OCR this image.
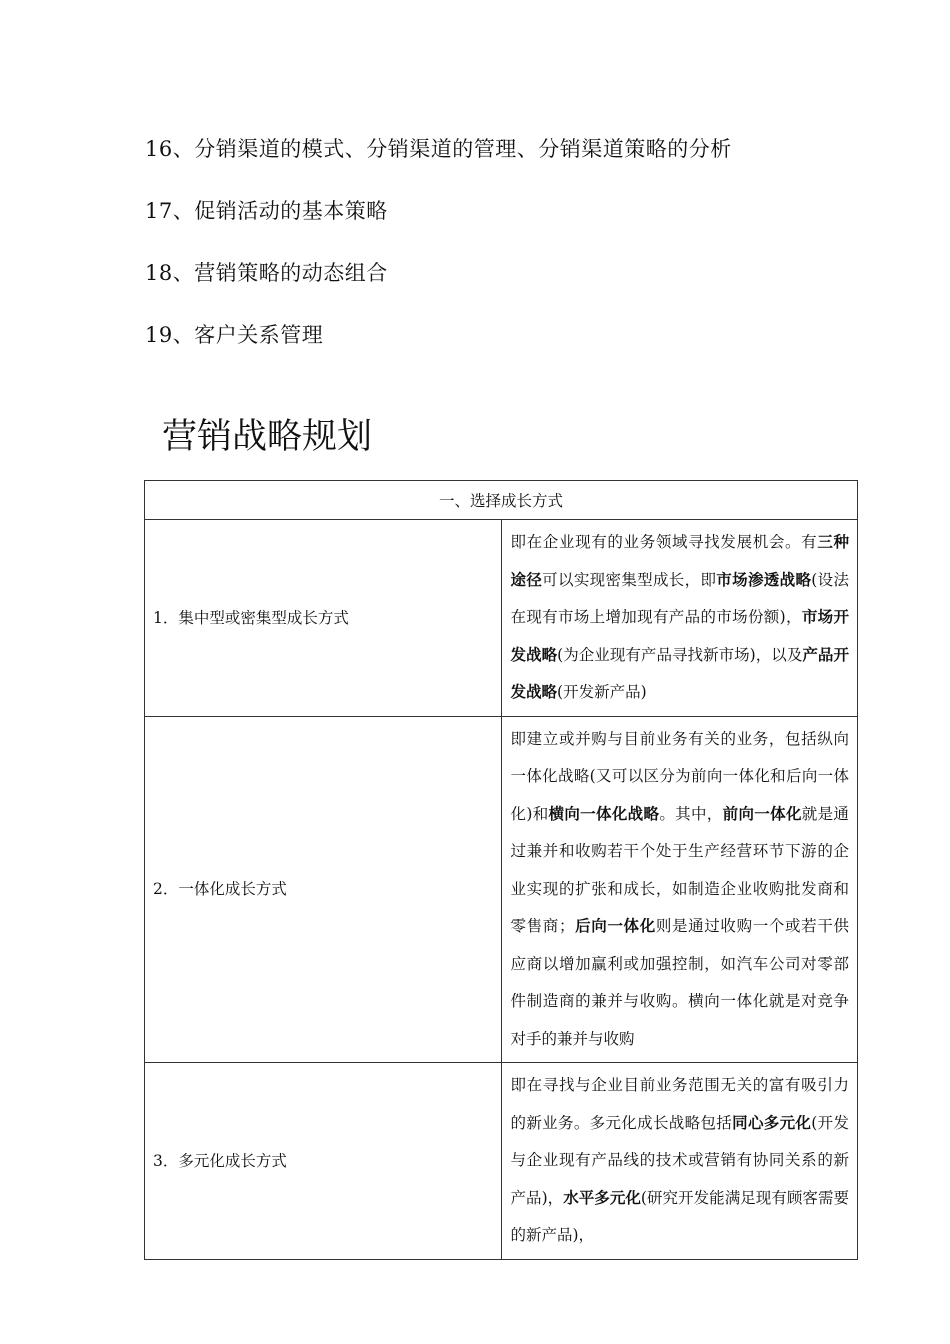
16、分销渠道的模式、分销渠道的管理、分销渠道策略的分析
17、促销活动的基本策略
18、营销策略的动态组合
19、客户关系管理
营销战略规划
一、选择成长方式	
1．集中型或密集型成长方式	即在企业现有的业务领域寻找发展机会。有三种途径可以实现密集型成长，即市场渗透战略(设法在现有市场上增加现有产品的市场份额)，市场开发战略(为企业现有产品寻找新市场)，以及产品开发战略(开发新产品)
2．一体化成长方式	即建立或并购与目前业务有关的业务，包括纵向一体化战略(又可以区分为前向一体化和后向一体化)和横向一体化战略。其中，前向一体化就是通过兼并和收购若干个处于生产经营环节下游的企业实现的扩张和成长，如制造企业收购批发商和零售商；后向一体化则是通过收购一个或若干供应商以增加赢利或加强控制，如汽车公司对零部件制造商的兼并与收购。横向一体化就是对竞争对手的兼并与收购
3．多元化成长方式	即在寻找与企业目前业务范围无关的富有吸引力的新业务。多元化成长战略包括同心多元化(开发与企业现有产品线的技术或营销有协同关系的新产品)，水平多元化(研究开发能满足现有顾客需要的新产品)，
